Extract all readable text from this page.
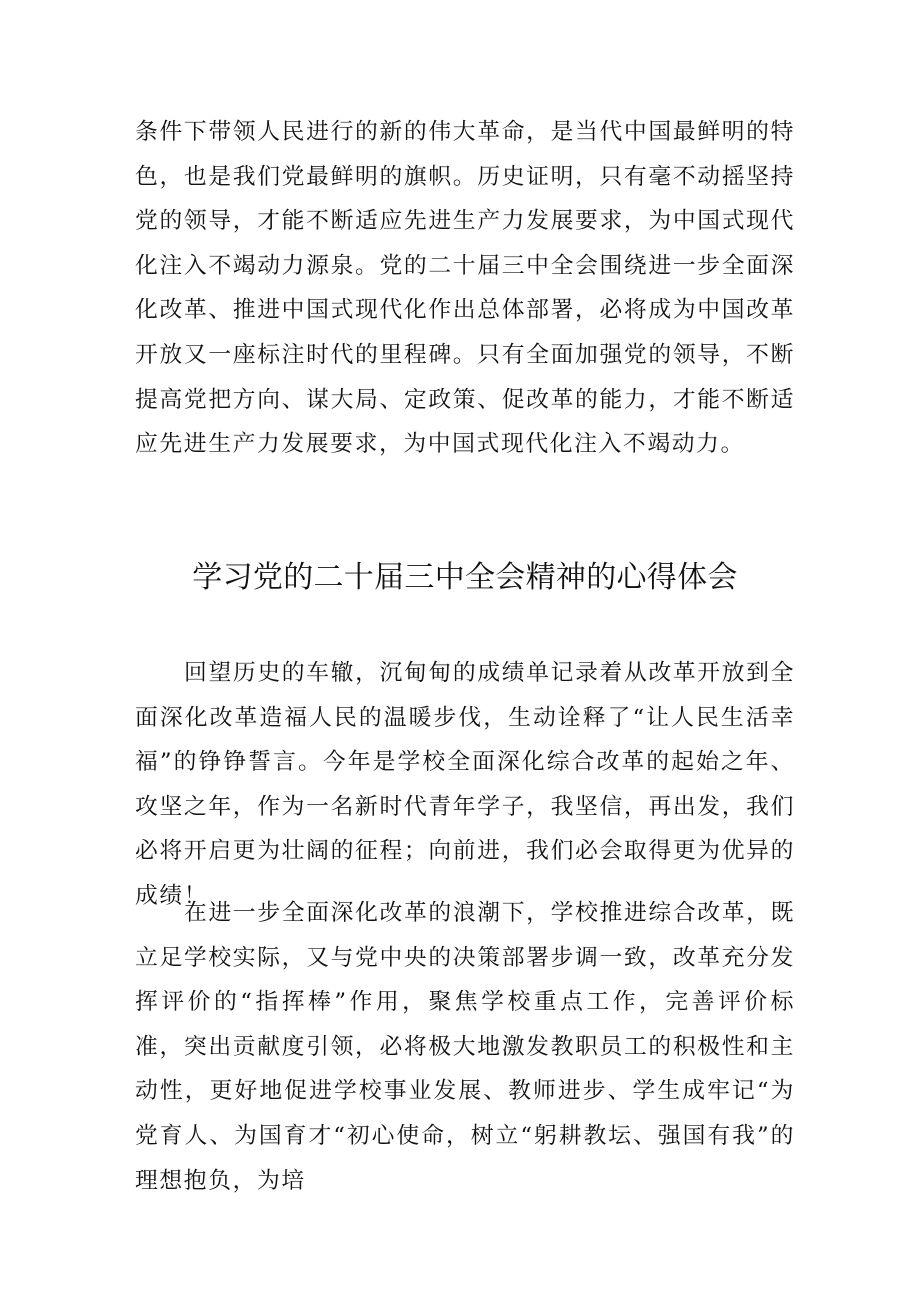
条件下带领人民进行的新的伟大革命，是当代中国最鲜明的特色，也是我们党最鲜明的旗帜。历史证明，只有毫不动摇坚持党的领导，才能不断适应先进生产力发展要求，为中国式现代化注入不竭动力源泉。党的二十届三中全会围绕进一步全面深化改革、推进中国式现代化作出总体部署，必将成为中国改革开放又一座标注时代的里程碑。只有全面加强党的领导，不断提高党把方向、谋大局、定政策、促改革的能力，才能不断适应先进生产力发展要求，为中国式现代化注入不竭动力。

学习党的二十届三中全会精神的心得体会

回望历史的车辙，沉甸甸的成绩单记录着从改革开放到全面深化改革造福人民的温暖步伐，生动诠释了“让人民生活幸福”的铮铮誓言。今年是学校全面深化综合改革的起始之年、攻坚之年，作为一名新时代青年学子，我坚信，再出发，我们必将开启更为壮阔的征程；向前进，我们必会取得更为优异的成绩！

在进一步全面深化改革的浪潮下，学校推进综合改革，既立足学校实际，又与党中央的决策部署步调一致，改革充分发挥评价的“指挥棒”作用，聚焦学校重点工作，完善评价标准，突出贡献度引领，必将极大地激发教职员工的积极性和主动性，更好地促进学校事业发展、教师进步、学生成牢记“为党育人、为国育才“初心使命，树立“躬耕教坛、强国有我”的理想抱负，为培
